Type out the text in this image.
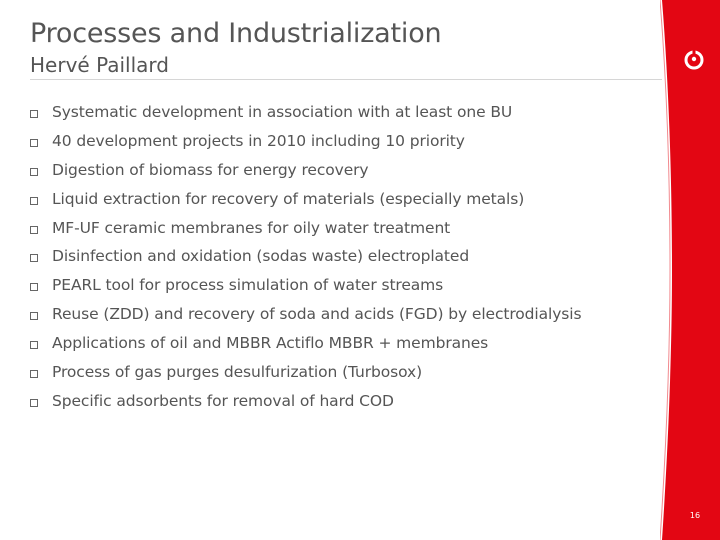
Processes and Industrialization
Hervé Paillard
16
Systematic development in association with at least one BU
40 development projects in 2010 including 10 priority
Digestion of biomass for energy recovery
Liquid extraction for recovery of materials (especially metals)
MF-UF ceramic membranes for oily water treatment
Disinfection and oxidation (sodas waste) electroplated
PEARL tool for process simulation of water streams
Reuse (ZDD) and recovery of soda and acids (FGD) by electrodialysis
Applications of oil and MBBR Actiflo MBBR + membranes
Process of gas purges desulfurization (Turbosox)
Specific adsorbents for removal of hard COD
